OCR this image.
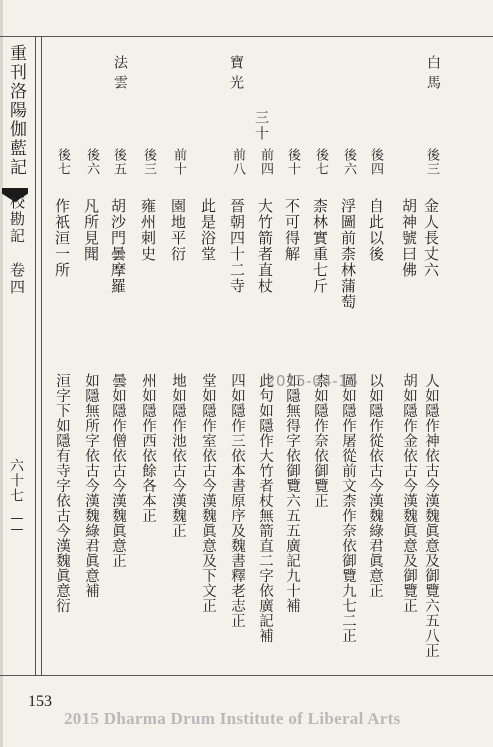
重刊洛陽伽藍記
校勘記　卷四
六十七
白馬
法雲	寶光
三十
後三
金人長丈六
人如隱作神依古今漢魏眞意及御覽六五八正
胡神號曰佛
胡如隱作金依古今漢魏眞意及御覽正
後四
自此以後
以如隱作從依古今漢魏綠君眞意正
後六
浮圖前柰林蒲萄
圖如隱作屠從前文柰作奈依御覽九七二正
後七
柰林實重七斤
柰如隱作奈依御覽正
後十
不可得解
如隱無得字依御覽六五五廣記九十補
前四
大竹箭者直杖
此句如隱作大竹者杖無箭直二字依廣記補
前八
晉朝四十二寺
四如隱作三依本書原序及魏書釋老志正
此是浴堂
堂如隱作室依古今漢魏眞意及下文正
前十
園地平衍
地如隱作池依古今漢魏正
後三
雍州刺史
州如隱作西依餘各本正
後五
胡沙門曇摩羅
曇如隱作僧依古今漢魏眞意正
後六
凡所見聞
如隱無所字依古今漢魏綠君眞意補
後七
作祇洹一所
洹字下如隱有寺字依古今漢魏眞意衍	2015-04-16
153
2015 Dharma Drum Institute of Liberal Arts
